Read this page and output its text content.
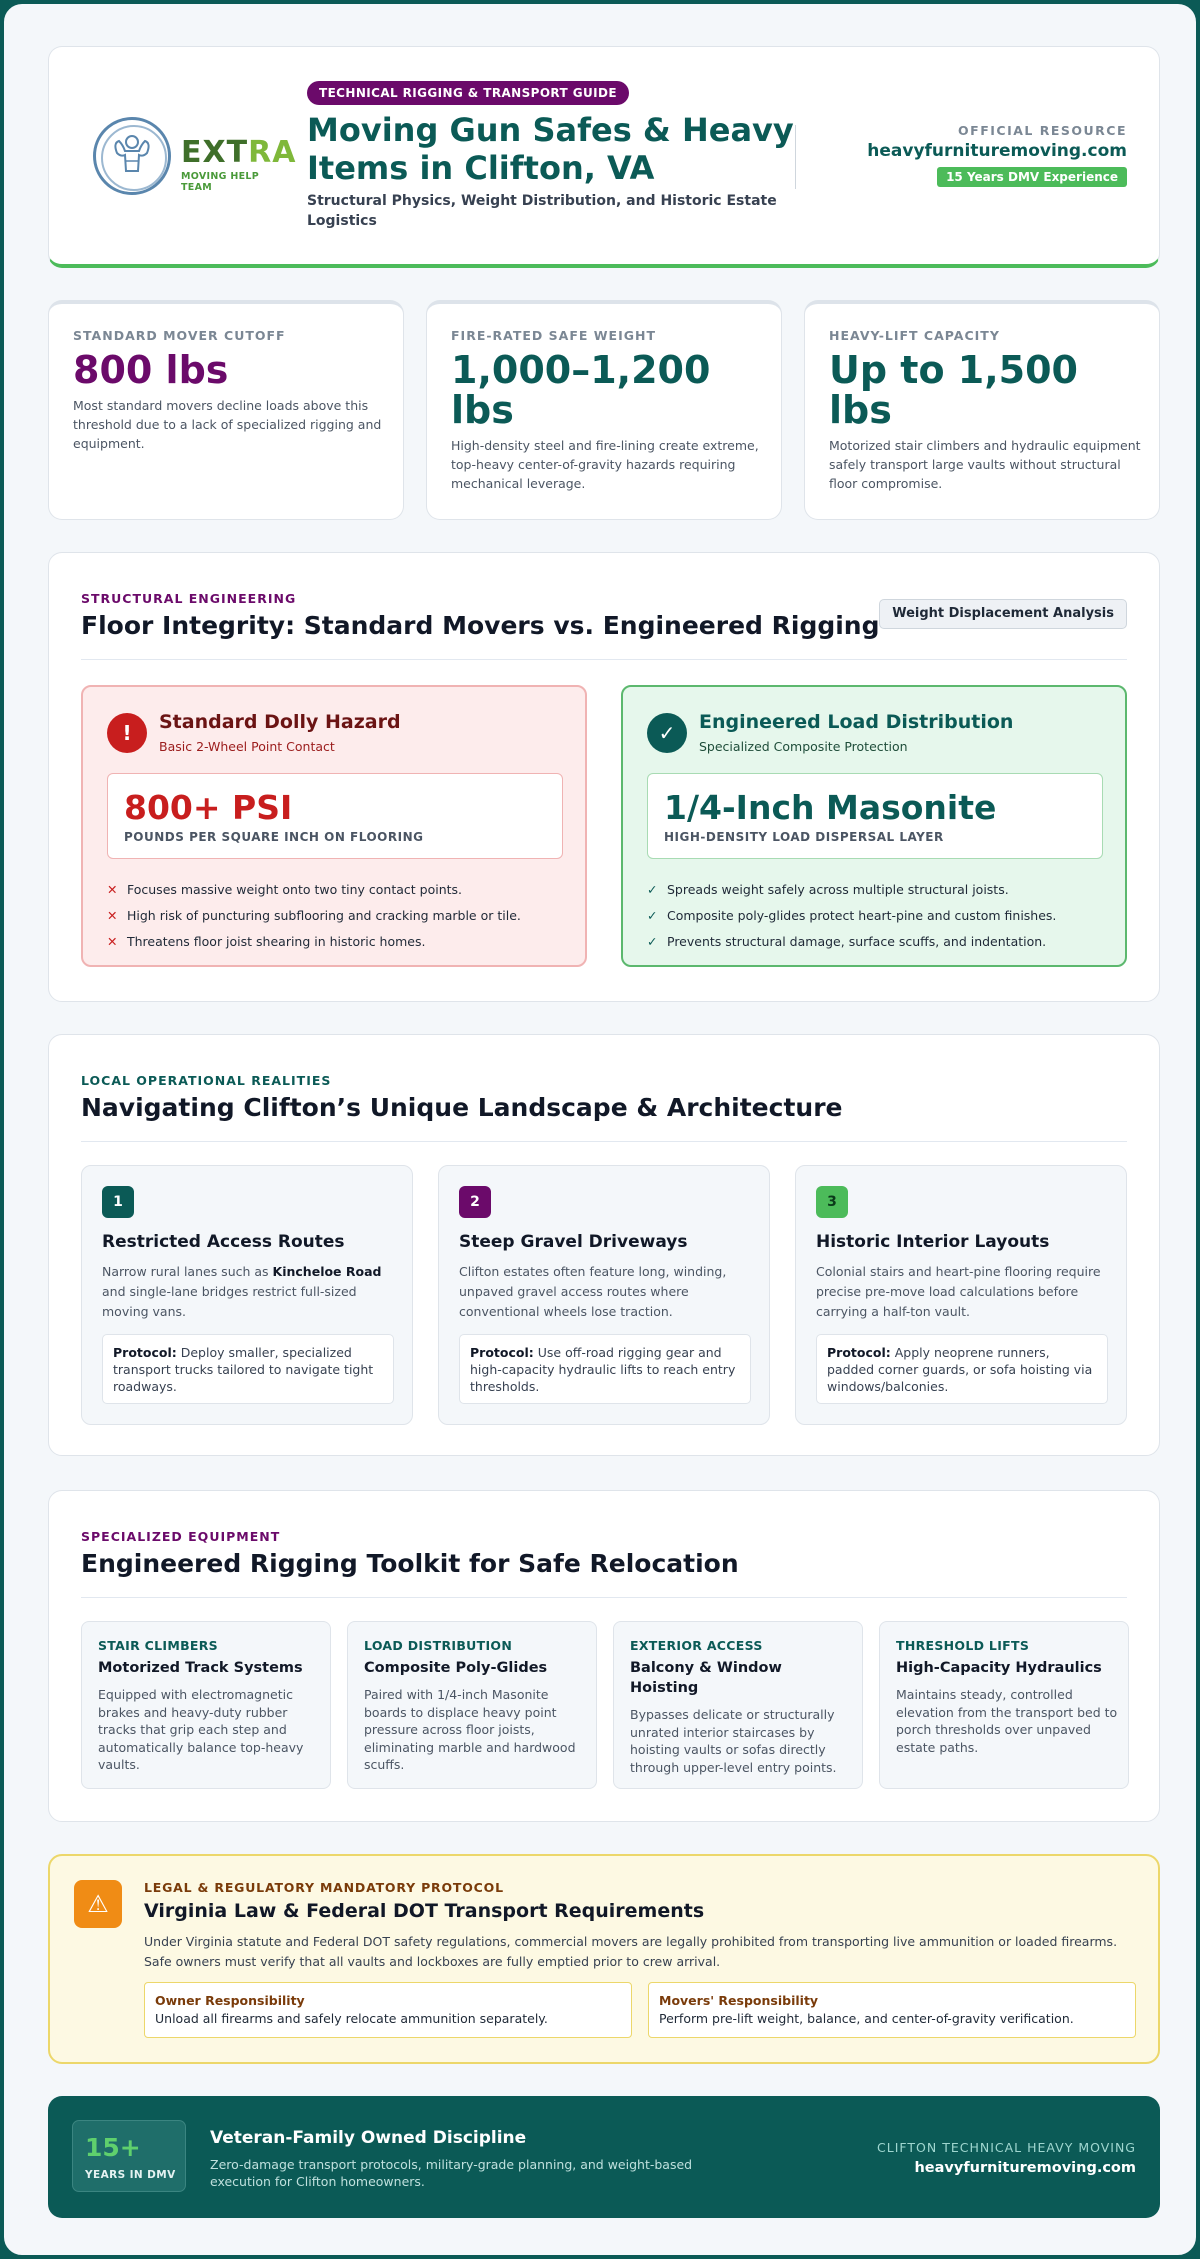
EXTRA
MOVING HELP TEAM
TECHNICAL RIGGING & TRANSPORT GUIDE
Moving Gun Safes & Heavy Items in Clifton, VA
Structural Physics, Weight Distribution, and Historic Estate Logistics
OFFICIAL RESOURCE
heavyfurnituremoving.com
15 Years DMV Experience
STANDARD MOVER CUTOFF
800 lbs
Most standard movers decline loads above this threshold due to a lack of specialized rigging and equipment.
FIRE-RATED SAFE WEIGHT
1,000–1,200 lbs
High-density steel and fire-lining create extreme, top-heavy center-of-gravity hazards requiring mechanical leverage.
HEAVY-LIFT CAPACITY
Up to 1,500 lbs
Motorized stair climbers and hydraulic equipment safely transport large vaults without structural floor compromise.
STRUCTURAL ENGINEERING
Floor Integrity: Standard Movers vs. Engineered Rigging Weight Displacement Analysis
!	Standard Dolly Hazard
Basic 2-Wheel Point Contact
800+ PSI
POUNDS PER SQUARE INCH ON FLOORING
✕ Focuses massive weight onto two tiny contact points.
✕ High risk of puncturing subflooring and cracking marble or tile.
✕ Threatens floor joist shearing in historic homes.
✓	Engineered Load Distribution
Specialized Composite Protection
1/4-Inch Masonite
HIGH-DENSITY LOAD DISPERSAL LAYER
✓ Spreads weight safely across multiple structural joists.
✓ Composite poly-glides protect heart-pine and custom finishes.
✓ Prevents structural damage, surface scuffs, and indentation.
LOCAL OPERATIONAL REALITIES
Navigating Clifton’s Unique Landscape & Architecture
1
Restricted Access Routes
Narrow rural lanes such as Kincheloe Road and single-lane bridges restrict full-sized moving vans.
Protocol: Deploy smaller, specialized transport trucks tailored to navigate tight roadways.
2
Steep Gravel Driveways
Clifton estates often feature long, winding, unpaved gravel access routes where conventional wheels lose traction.
Protocol: Use off-road rigging gear and high-capacity hydraulic lifts to reach entry thresholds.
3
Historic Interior Layouts
Colonial stairs and heart-pine flooring require precise pre-move load calculations before carrying a half-ton vault.
Protocol: Apply neoprene runners, padded corner guards, or sofa hoisting via windows/balconies.
SPECIALIZED EQUIPMENT
Engineered Rigging Toolkit for Safe Relocation
STAIR CLIMBERS
Motorized Track Systems
Equipped with electromagnetic brakes and heavy-duty rubber tracks that grip each step and automatically balance top-heavy vaults.
LOAD DISTRIBUTION
Composite Poly-Glides
Paired with 1/4-inch Masonite boards to displace heavy point pressure across floor joists, eliminating marble and hardwood scuffs.
EXTERIOR ACCESS
Balcony & Window Hoisting
Bypasses delicate or structurally unrated interior staircases by hoisting vaults or sofas directly through upper-level entry points.
THRESHOLD LIFTS
High-Capacity Hydraulics
Maintains steady, controlled elevation from the transport bed to porch thresholds over unpaved estate paths.
⚠
LEGAL & REGULATORY MANDATORY PROTOCOL
Virginia Law & Federal DOT Transport Requirements
Under Virginia statute and Federal DOT safety regulations, commercial movers are legally prohibited from transporting live ammunition or loaded firearms. Safe owners must verify that all vaults and lockboxes are fully emptied prior to crew arrival.
Owner Responsibility
Unload all firearms and safely relocate ammunition separately.
Movers' Responsibility
Perform pre-lift weight, balance, and center-of-gravity verification.
15+
YEARS IN DMV
Veteran-Family Owned Discipline
Zero-damage transport protocols, military-grade planning, and weight-based execution for Clifton homeowners.
CLIFTON TECHNICAL HEAVY MOVING
heavyfurnituremoving.com
